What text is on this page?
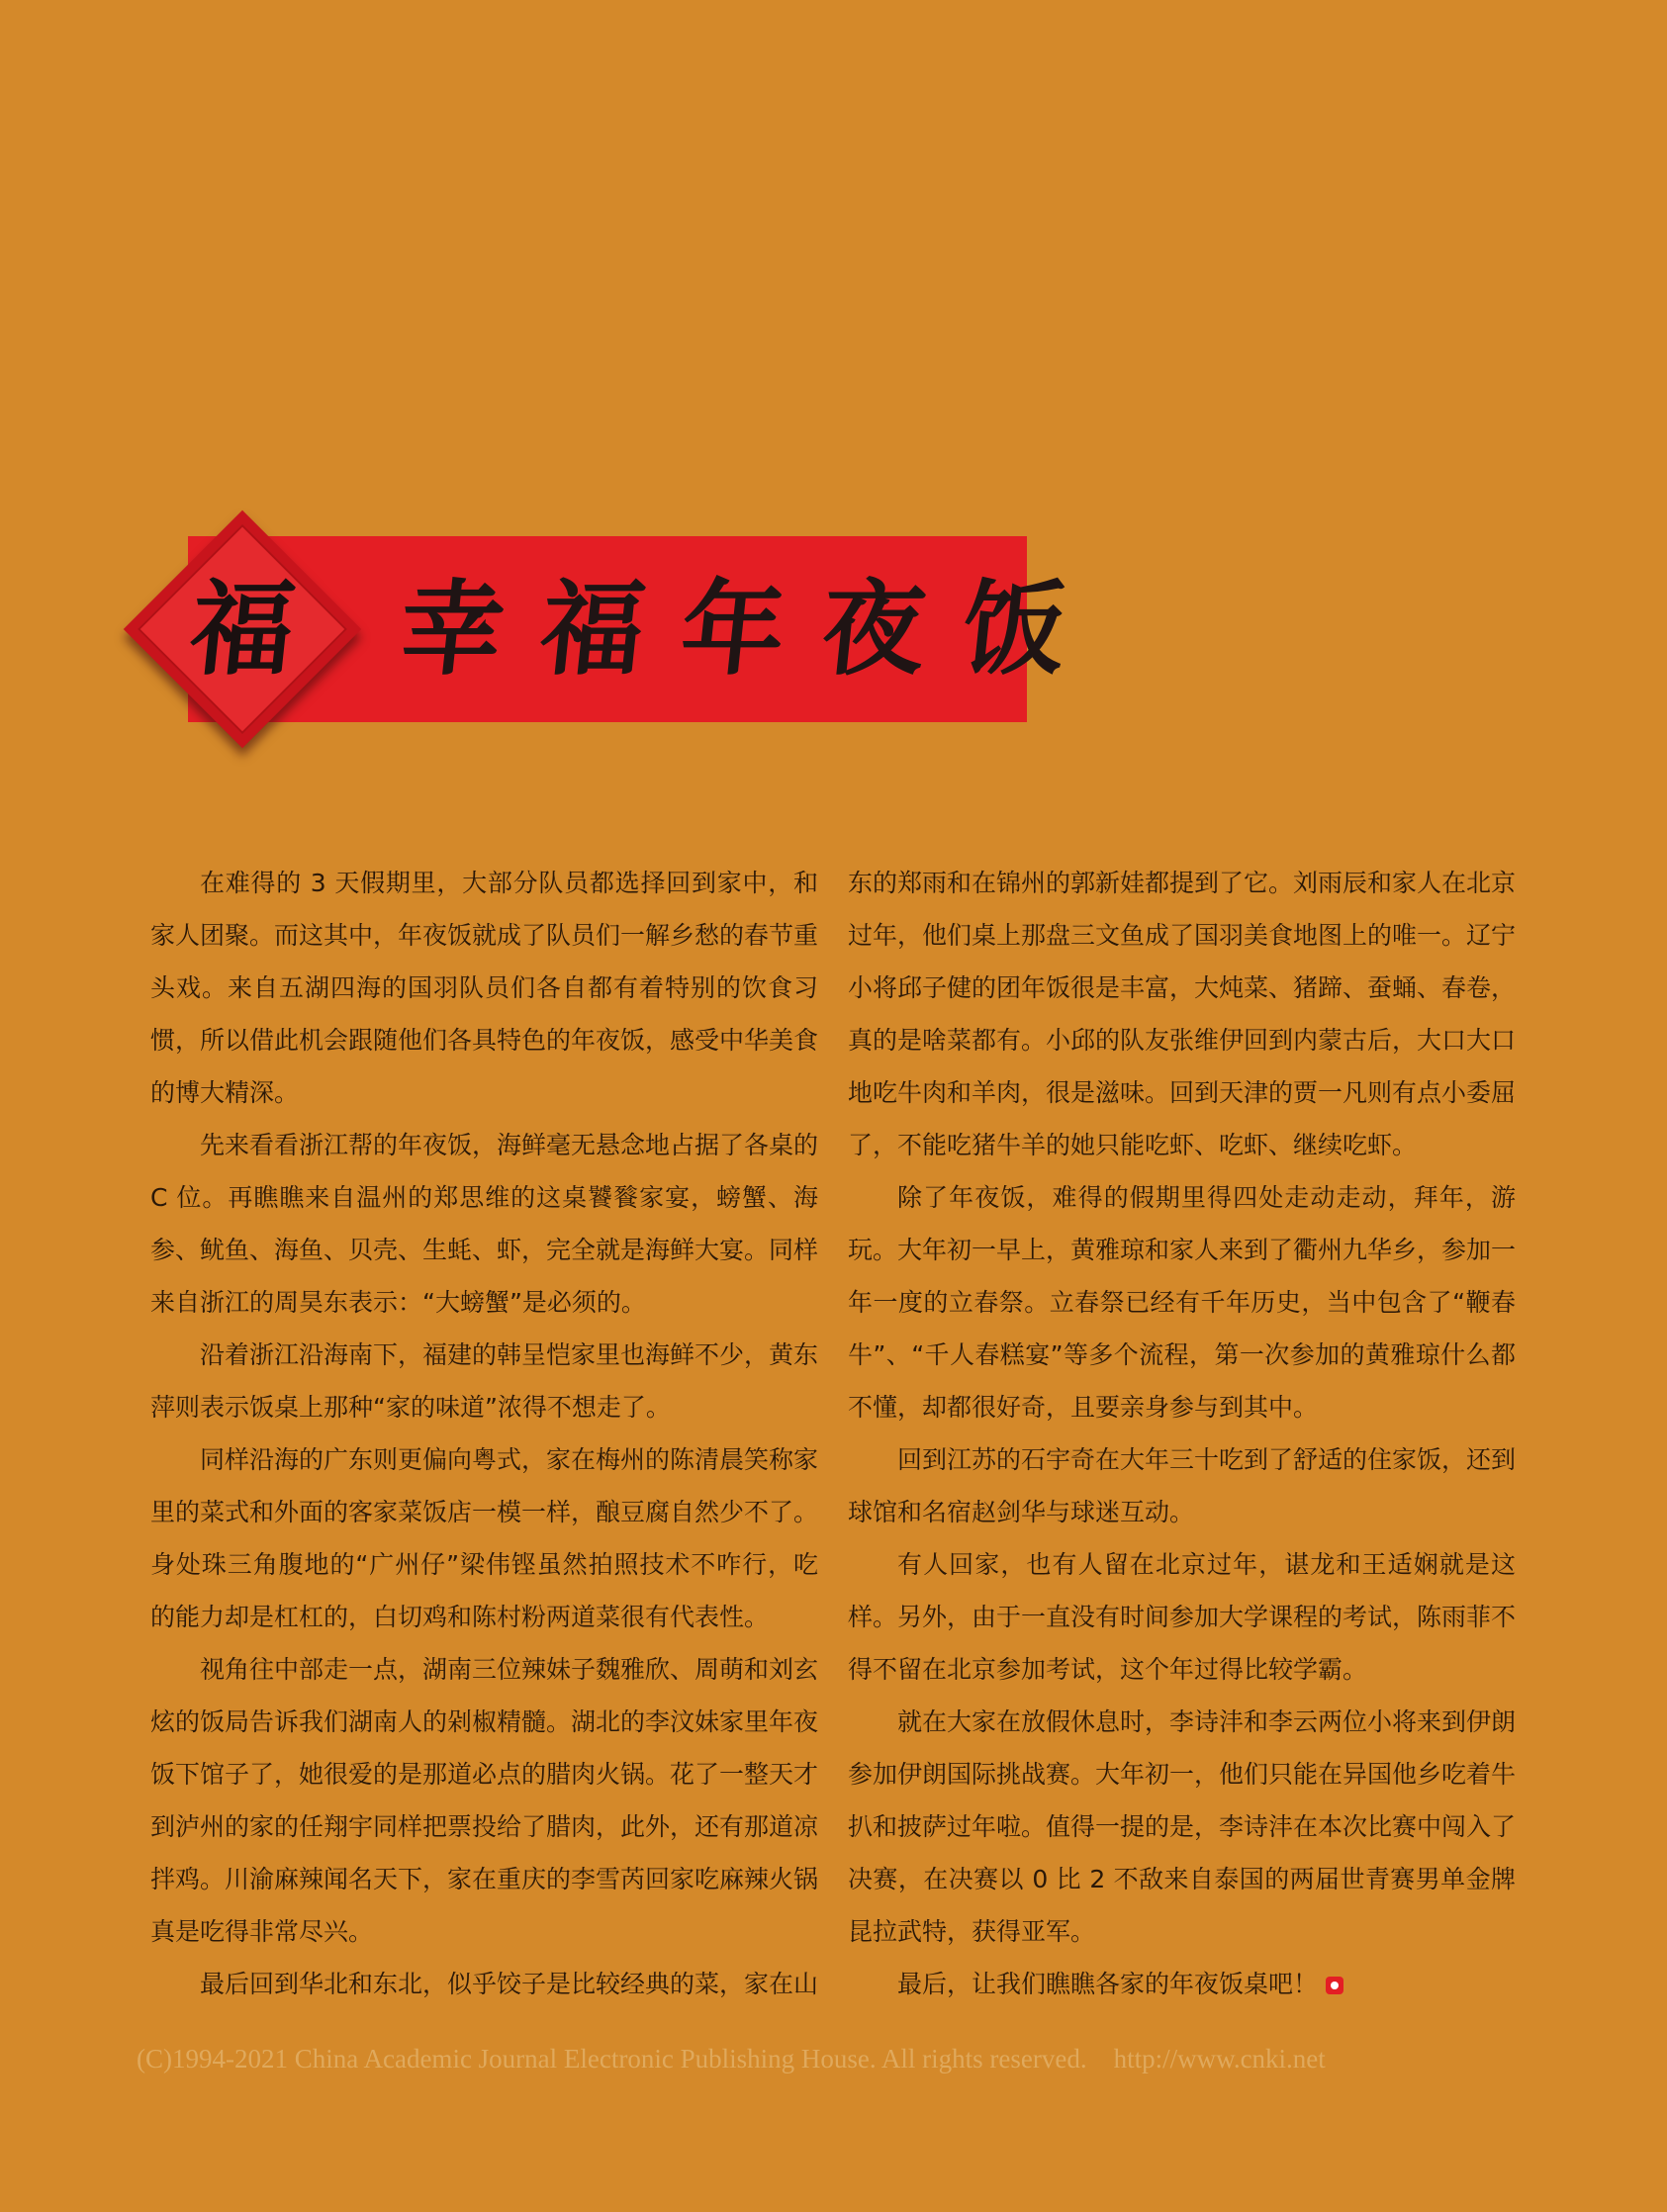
福 幸福年夜饭

在难得的 3 天假期里，大部分队员都选择回到家中，和家人团聚。而这其中，年夜饭就成了队员们一解乡愁的春节重头戏。来自五湖四海的国羽队员们各自都有着特别的饮食习惯，所以借此机会跟随他们各具特色的年夜饭，感受中华美食的博大精深。

先来看看浙江帮的年夜饭，海鲜毫无悬念地占据了各桌的 C 位。再瞧瞧来自温州的郑思维的这桌饕餮家宴，螃蟹、海参、鱿鱼、海鱼、贝壳、生蚝、虾，完全就是海鲜大宴。同样来自浙江的周昊东表示：“大螃蟹”是必须的。

沿着浙江沿海南下，福建的韩呈恺家里也海鲜不少，黄东萍则表示饭桌上那种“家的味道”浓得不想走了。

同样沿海的广东则更偏向粤式，家在梅州的陈清晨笑称家里的菜式和外面的客家菜饭店一模一样，酿豆腐自然少不了。身处珠三角腹地的“广州仔”梁伟铿虽然拍照技术不咋行，吃的能力却是杠杠的，白切鸡和陈村粉两道菜很有代表性。

视角往中部走一点，湖南三位辣妹子魏雅欣、周萌和刘玄炫的饭局告诉我们湖南人的剁椒精髓。湖北的李汶妹家里年夜饭下馆子了，她很爱的是那道必点的腊肉火锅。花了一整天才到泸州的家的任翔宇同样把票投给了腊肉，此外，还有那道凉拌鸡。川渝麻辣闻名天下，家在重庆的李雪芮回家吃麻辣火锅真是吃得非常尽兴。

最后回到华北和东北，似乎饺子是比较经典的菜，家在山

东的郑雨和在锦州的郭新娃都提到了它。刘雨辰和家人在北京过年，他们桌上那盘三文鱼成了国羽美食地图上的唯一。辽宁小将邱子健的团年饭很是丰富，大炖菜、猪蹄、蚕蛹、春卷，真的是啥菜都有。小邱的队友张维伊回到内蒙古后，大口大口地吃牛肉和羊肉，很是滋味。回到天津的贾一凡则有点小委屈了，不能吃猪牛羊的她只能吃虾、吃虾、继续吃虾。

除了年夜饭，难得的假期里得四处走动走动，拜年，游玩。大年初一早上，黄雅琼和家人来到了衢州九华乡，参加一年一度的立春祭。立春祭已经有千年历史，当中包含了“鞭春牛”、“千人春糕宴”等多个流程，第一次参加的黄雅琼什么都不懂，却都很好奇，且要亲身参与到其中。

回到江苏的石宇奇在大年三十吃到了舒适的住家饭，还到球馆和名宿赵剑华与球迷互动。

有人回家，也有人留在北京过年，谌龙和王适娴就是这样。另外，由于一直没有时间参加大学课程的考试，陈雨菲不得不留在北京参加考试，这个年过得比较学霸。

就在大家在放假休息时，李诗沣和李云两位小将来到伊朗参加伊朗国际挑战赛。大年初一，他们只能在异国他乡吃着牛扒和披萨过年啦。值得一提的是，李诗沣在本次比赛中闯入了决赛，在决赛以 0 比 2 不敌来自泰国的两届世青赛男单金牌昆拉武特，获得亚军。

最后，让我们瞧瞧各家的年夜饭桌吧！

(C)1994-2021 China Academic Journal Electronic Publishing House. All rights reserved.    http://www.cnki.net
